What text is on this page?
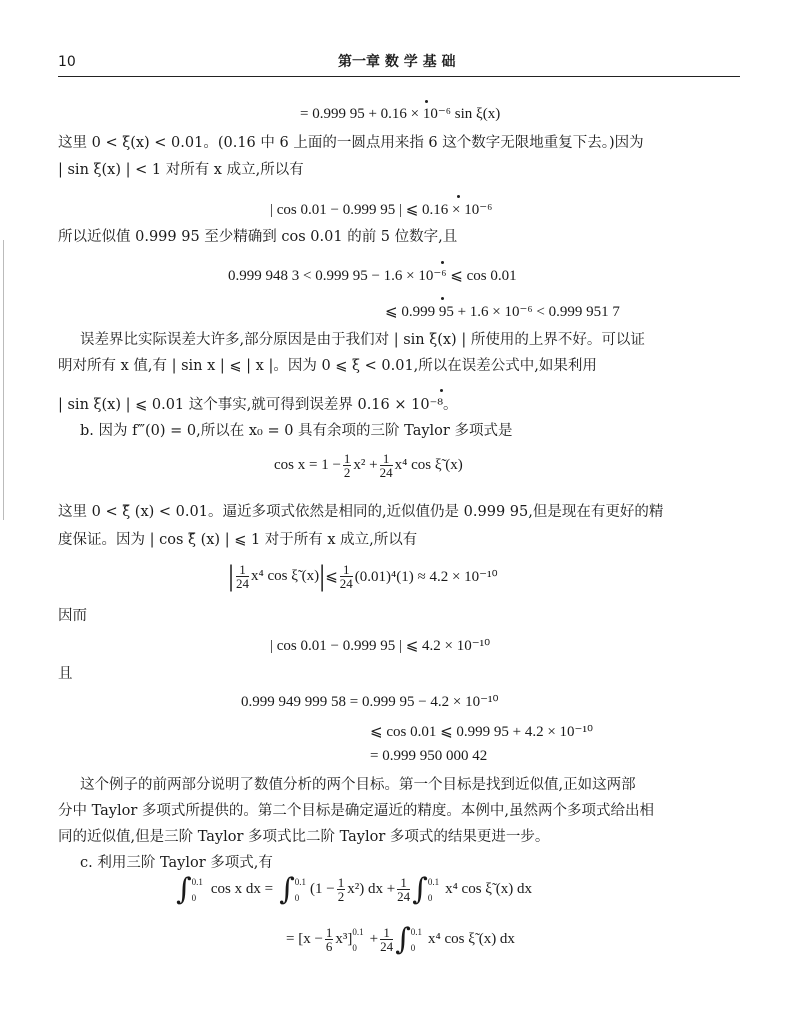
10	第一章 数 学 基 础
= 0.999 95 + 0.16 × 10⁻⁶ sin ξ(x)
这里 0 < ξ(x) < 0.01。(0.16 中 6 上面的一圆点用来指 6 这个数字无限地重复下去。)因为
| sin ξ(x) | < 1 对所有 x 成立,所以有
| cos 0.01 − 0.999 95 | ⩽ 0.16 × 10⁻⁶
所以近似值 0.999 95 至少精确到 cos 0.01 的前 5 位数字,且
0.999 948 3 < 0.999 95 − 1.6 × 10⁻⁶ ⩽ cos 0.01
⩽ 0.999 95 + 1.6 × 10⁻⁶ < 0.999 951 7
误差界比实际误差大许多,部分原因是由于我们对 | sin ξ(x) | 所使用的上界不好。可以证
明对所有 x 值,有 | sin x | ⩽ | x |。因为 0 ⩽ ξ < 0.01,所以在误差公式中,如果利用
| sin ξ(x) | ⩽ 0.01 这个事实,就可得到误差界 0.16 × 10⁻⁸。
b. 因为 f‴(0) = 0,所以在 x₀ = 0 具有余项的三阶 Taylor 多项式是
$\cos x = 1 - \frac{1}{2} x^2 + \frac{1}{24} x^4$ cos ξ̃ (x)
这里 0 < ξ̃ (x) < 0.01。逼近多项式依然是相同的,近似值仍是 0.999 95,但是现在有更好的精
度保证。因为 | cos ξ̃ (x) | ⩽ 1 对于所有 x 成立,所以有
| $\frac{1}{24} x^4$ cos ξ̃ (x) | ⩽ $\frac{1}{24} (0.01)^4(1) \approx 4.2 \times 10^{-10}$
因而
| cos 0.01 − 0.999 95 | ⩽ 4.2 × 10⁻¹⁰
且
0.999 949 999 58 = 0.999 95 − 4.2 × 10⁻¹⁰
⩽ cos 0.01 ⩽ 0.999 95 + 4.2 × 10⁻¹⁰
= 0.999 950 000 42
这个例子的前两部分说明了数值分析的两个目标。第一个目标是找到近似值,正如这两部
分中 Taylor 多项式所提供的。第二个目标是确定逼近的精度。本例中,虽然两个多项式给出相
同的近似值,但是三阶 Taylor 多项式比二阶 Taylor 多项式的结果更进一步。
c. 利用三阶 Taylor 多项式,有
∫ 0.1
0
cos x dx = ∫ 0.1
0
$(1 - \frac{1}{2} x^2)$ dx + $\frac{1}{24}$ ∫ 0.1
0
x⁴ cos ξ̃ (x) dx
= $[x - \frac{1}{6} x^3]$ 0.1
0
+ $\frac{1}{24}$ ∫ 0.1
0
x⁴ cos ξ̃ (x) dx
